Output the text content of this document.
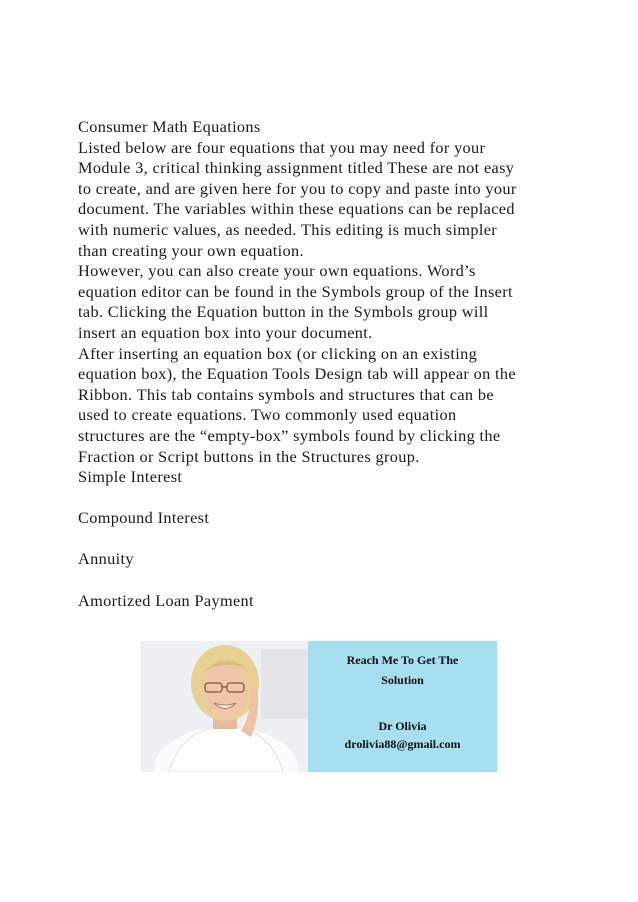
Consumer Math Equations
Listed below are four equations that you may need for your
Module 3, critical thinking assignment titled These are not easy
to create, and are given here for you to copy and paste into your
document. The variables within these equations can be replaced
with numeric values, as needed. This editing is much simpler
than creating your own equation.
However, you can also create your own equations. Word’s
equation editor can be found in the Symbols group of the Insert
tab. Clicking the Equation button in the Symbols group will
insert an equation box into your document.
After inserting an equation box (or clicking on an existing
equation box), the Equation Tools Design tab will appear on the
Ribbon. This tab contains symbols and structures that can be
used to create equations. Two commonly used equation
structures are the “empty-box” symbols found by clicking the
Fraction or Script buttons in the Structures group.
Simple Interest
Compound Interest
Annuity
Amortized Loan Payment
Reach Me To Get The
Solution
Dr Olivia
drolivia88@gmail.com
